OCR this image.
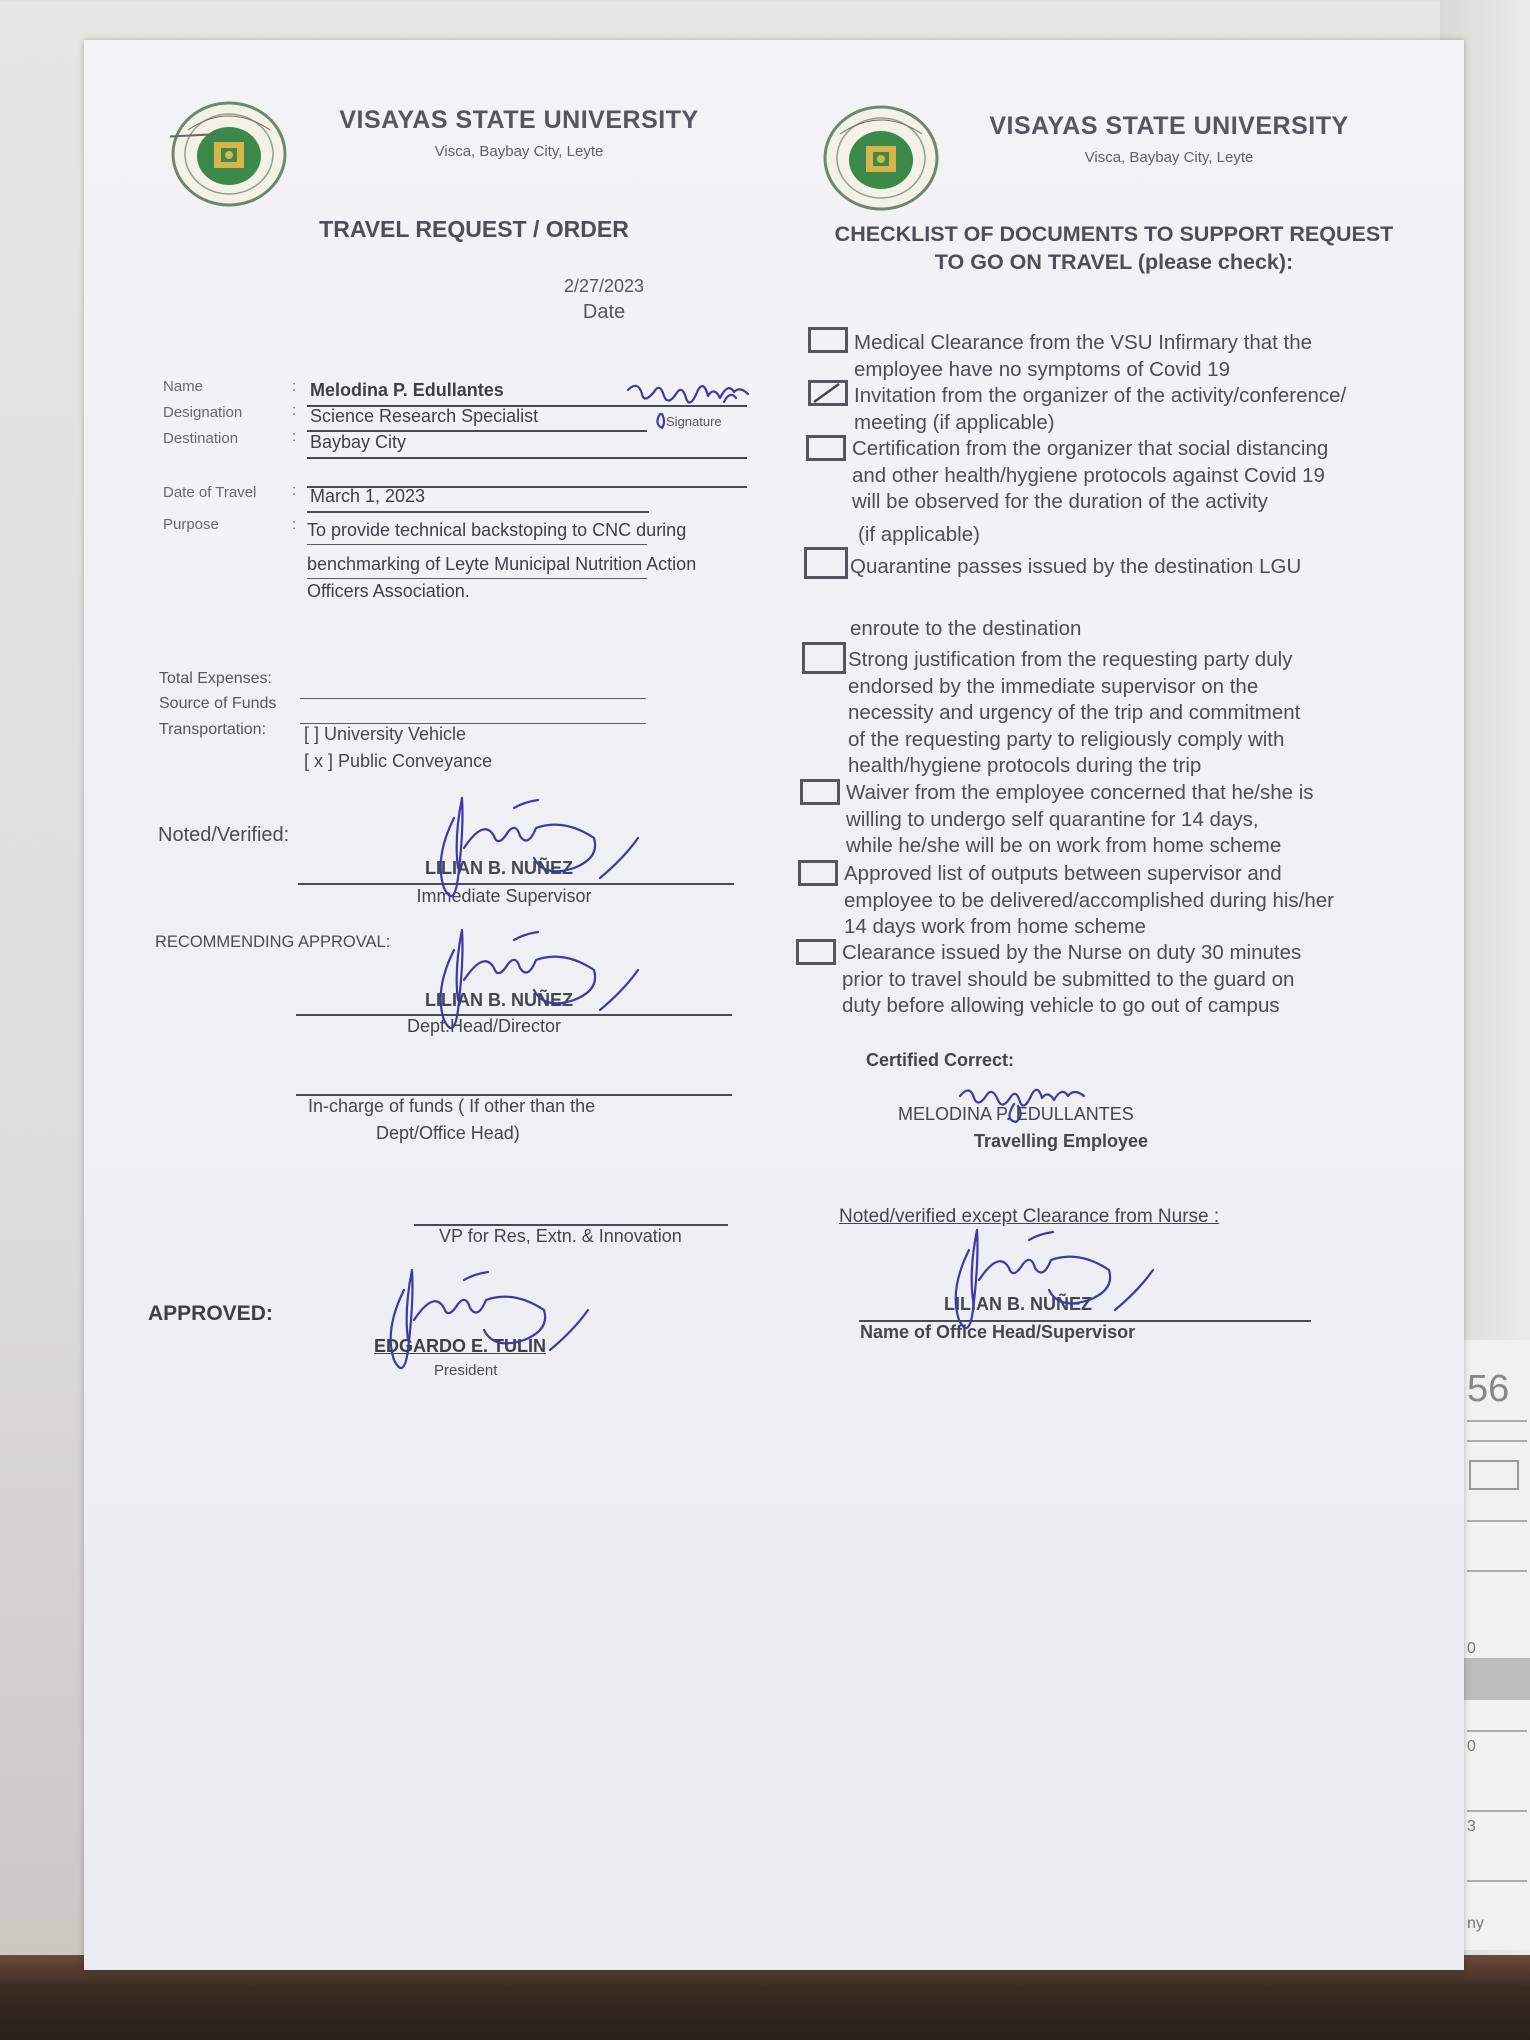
56
0
0
3
ny
VISAYAS STATE UNIVERSITY
Visca, Baybay City, Leyte
TRAVEL REQUEST / ORDER
2/27/2023
Date
Name	: Melodina P. Edullantes
Signature
Designation	: Science Research Specialist
Destination	: Baybay City
Date of Travel : March 1, 2023
Purpose	: To provide technical backstoping to CNC during
benchmarking of Leyte Municipal Nutrition Action
Officers Association.
Total Expenses:
Source of Funds
Transportation: [ ] University Vehicle
[ x ] Public Conveyance
Noted/Verified:
LILIAN B. NUÑEZ
Immediate Supervisor
RECOMMENDING APPROVAL:
LILIAN B. NUÑEZ
Dept.Head/Director
In-charge of funds ( If other than the
Dept/Office Head)
VP for Res, Extn. & Innovation
APPROVED:
EDGARDO E. TULIN
President
VISAYAS STATE UNIVERSITY
Visca, Baybay City, Leyte
CHECKLIST OF DOCUMENTS TO SUPPORT REQUEST
TO GO ON TRAVEL (please check):
Medical Clearance from the VSU Infirmary that the
employee have no symptoms of Covid 19
Invitation from the organizer of the activity/conference/
meeting (if applicable)
Certification from the organizer that social distancing
and other health/hygiene protocols against Covid 19
will be observed for the duration of the activity
(if applicable)
Quarantine passes issued by the destination LGU
enroute to the destination
Strong justification from the requesting party duly
endorsed by the immediate supervisor on the
necessity and urgency of the trip and commitment
of the requesting party to religiously comply with
health/hygiene protocols during the trip
Waiver from the employee concerned that he/she is
willing to undergo self quarantine for 14 days,
while he/she will be on work from home scheme
Approved list of outputs between supervisor and
employee to be delivered/accomplished during his/her
14 days work from home scheme
Clearance issued by the Nurse on duty 30 minutes
prior to travel should be submitted to the guard on
duty before allowing vehicle to go out of campus
Certified Correct:
MELODINA P. EDULLANTES
Travelling Employee
Noted/verified except Clearance from Nurse :
LILIAN B. NUÑEZ
Name of Office Head/Supervisor
